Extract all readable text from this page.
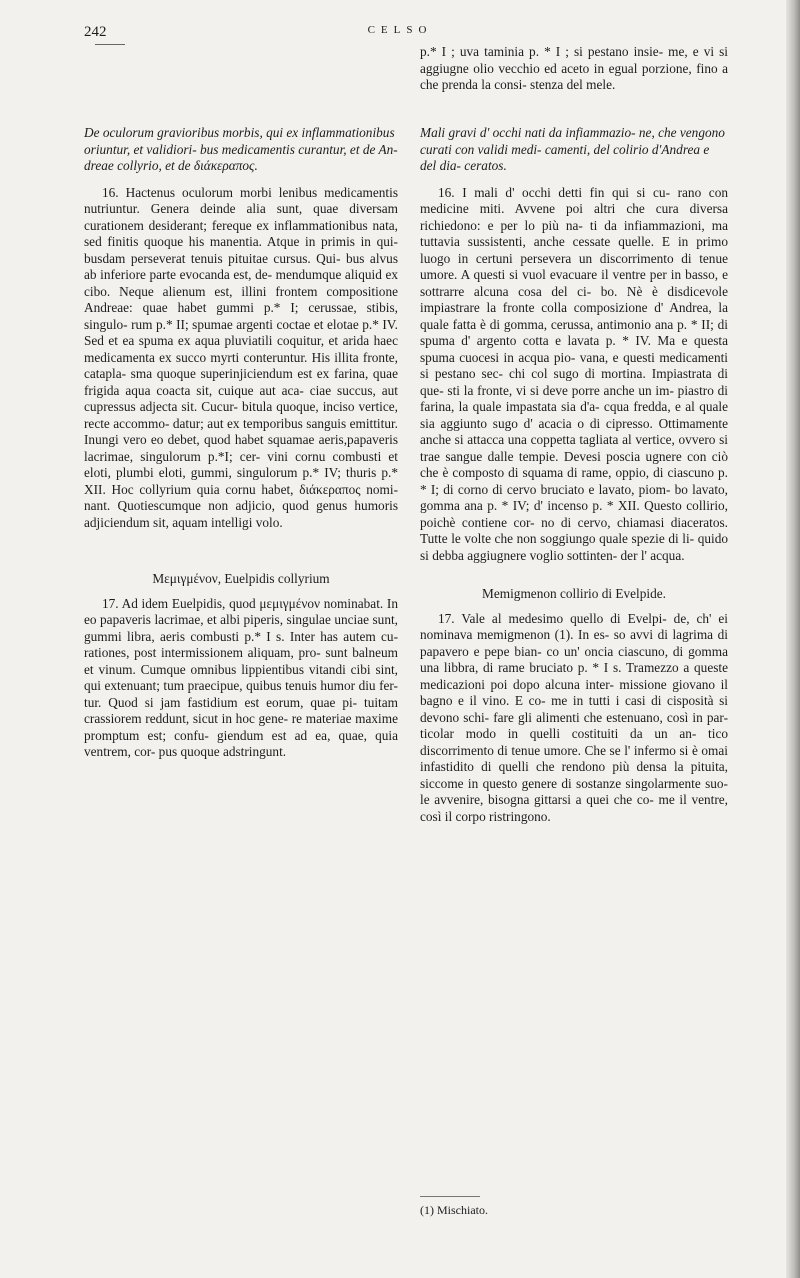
242	CELSO

p.* I ; uva taminia p. * I ; si pestano insie- me, e vi si aggiugne olio vecchio ed aceto in egual porzione, fino a che prenda la consi- stenza del mele.

De oculorum gravioribus morbis, qui ex inflammationibus oriuntur, et validiori- bus medicamentis curantur, et de An- dreae collyrio, et de διάκεραπος.

16. Hactenus oculorum morbi lenibus medicamentis nutriuntur. Genera deinde alia sunt, quae diversam curationem desiderant; fereque ex inflammationibus nata, sed finitis quoque his manentia. Atque in primis in qui- busdam perseverat tenuis pituitae cursus. Qui- bus alvus ab inferiore parte evocanda est, de- mendumque aliquid ex cibo. Neque alienum est, illini frontem compositione Andreae: quae habet gummi p.* I; cerussae, stibis, singulo- rum p.* II; spumae argenti coctae et elotae p.* IV. Sed et ea spuma ex aqua pluviatili coquitur, et arida haec medicamenta ex succo myrti conteruntur. His illita fronte, catapla- sma quoque superinjiciendum est ex farina, quae frigida aqua coacta sit, cuique aut aca- ciae succus, aut cupressus adjecta sit. Cucur- bitula quoque, inciso vertice, recte accommo- datur; aut ex temporibus sanguis emittitur. Inungi vero eo debet, quod habet squamae aeris,papaveris lacrimae, singulorum p.*I; cer- vini cornu combusti et eloti, plumbi eloti, gummi, singulorum p.* IV; thuris p.* XII. Hoc collyrium quia cornu habet, διάκεραπος nomi- nant. Quotiescumque non adjicio, quod genus humoris adjiciendum sit, aquam intelligi volo.

Μεμιγμένον, Euelpidis collyrium

17. Ad idem Euelpidis, quod μεμιγμένον nominabat. In eo papaveris lacrimae, et albi piperis, singulae unciae sunt, gummi libra, aeris combusti p.* I s. Inter has autem cu- rationes, post intermissionem aliquam, pro- sunt balneum et vinum. Cumque omnibus lippientibus vitandi cibi sint, qui extenuant; tum praecipue, quibus tenuis humor diu fer- tur. Quod si jam fastidium est eorum, quae pi- tuitam crassiorem reddunt, sicut in hoc gene- re materiae maxime promptum est; confu- giendum est ad ea, quae, quia ventrem, cor- pus quoque adstringunt.

Mali gravi d' occhi nati da infiammazio- ne, che vengono curati con validi medi- camenti, del colirio d'Andrea e del dia- ceratos.

16. I mali d' occhi detti fin qui si cu- rano con medicine miti. Avvene poi altri che cura diversa richiedono: e per lo più na- ti da infiammazioni, ma tuttavia sussistenti, anche cessate quelle. E in primo luogo in certuni persevera un discorrimento di tenue umore. A questi si vuol evacuare il ventre per in basso, e sottrarre alcuna cosa del ci- bo. Nè è disdicevole impiastrare la fronte colla composizione d' Andrea, la quale fatta è di gomma, cerussa, antimonio ana p. * II; di spuma d' argento cotta e lavata p. * IV. Ma e questa spuma cuocesi in acqua pio- vana, e questi medicamenti si pestano sec- chi col sugo di mortina. Impiastrata di que- sti la fronte, vi si deve porre anche un im- piastro di farina, la quale impastata sia d'a- cqua fredda, e al quale sia aggiunto sugo d' acacia o di cipresso. Ottimamente anche si attacca una coppetta tagliata al vertice, ovvero si trae sangue dalle tempie. Devesi poscia ugnere con ciò che è composto di squama di rame, oppio, di ciascuno p. * I; di corno di cervo bruciato e lavato, piom- bo lavato, gomma ana p. * IV; d' incenso p. * XII. Questo collirio, poichè contiene cor- no di cervo, chiamasi diaceratos. Tutte le volte che non soggiungo quale spezie di li- quido si debba aggiugnere voglio sottinten- der l' acqua.

Memigmenon collirio di Evelpide.

17. Vale al medesimo quello di Evelpi- de, ch' ei nominava memigmenon (1). In es- so avvi di lagrima di papavero e pepe bian- co un' oncia ciascuno, di gomma una libbra, di rame bruciato p. * I s. Tramezzo a queste medicazioni poi dopo alcuna inter- missione giovano il bagno e il vino. E co- me in tutti i casi di cisposità si devono schi- fare gli alimenti che estenuano, così in par- ticolar modo in quelli costituiti da un an- tico discorrimento di tenue umore. Che se l' infermo si è omai infastidito di quelli che rendono più densa la pituita, siccome in questo genere di sostanze singolarmente suo- le avvenire, bisogna gittarsi a quei che co- me il ventre, così il corpo ristringono.

(1) Mischiato.
